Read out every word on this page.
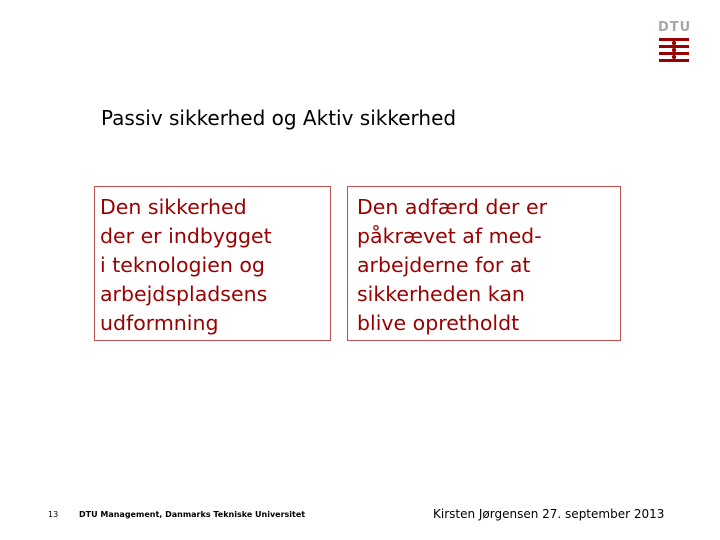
DTU
Passiv sikkerhed og Aktiv sikkerhed
Den sikkerhed
der er indbygget
i teknologien og
arbejdspladsens
udformning
Den adfærd der er
påkrævet af med-
arbejderne for at
sikkerheden kan
blive opretholdt
13	DTU Management, Danmarks Tekniske Universitet	Kirsten Jørgensen 27. september 2013
